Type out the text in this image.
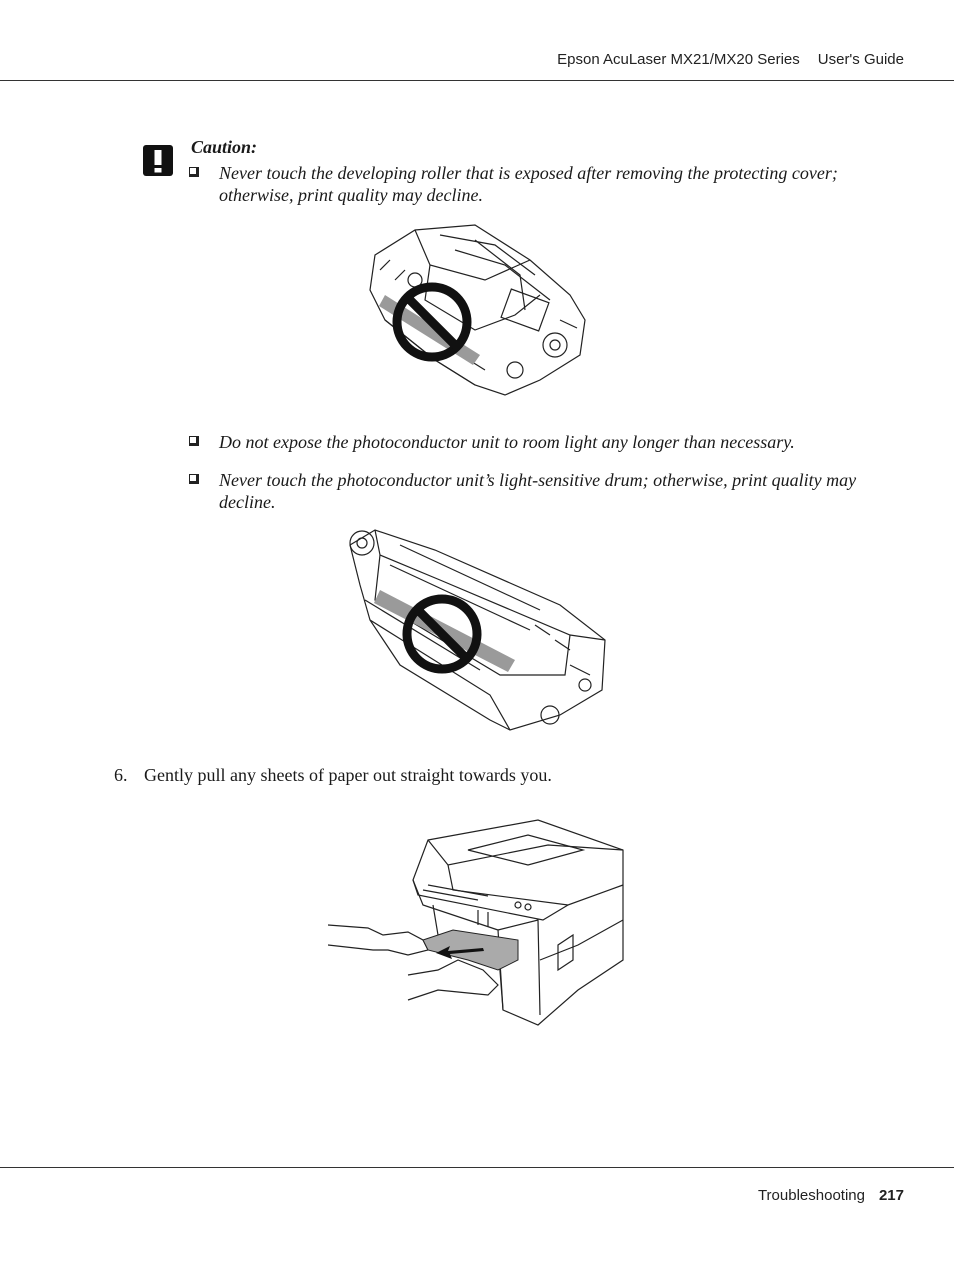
Epson AcuLaser MX21/MX20 Series User's Guide
Caution:
Never touch the developing roller that is exposed after removing the protecting cover;
otherwise, print quality may decline.
Do not expose the photoconductor unit to room light any longer than necessary.
Never touch the photoconductor unit’s light-sensitive drum; otherwise, print quality may
decline.
6. Gently pull any sheets of paper out straight towards you.
Troubleshooting 217
